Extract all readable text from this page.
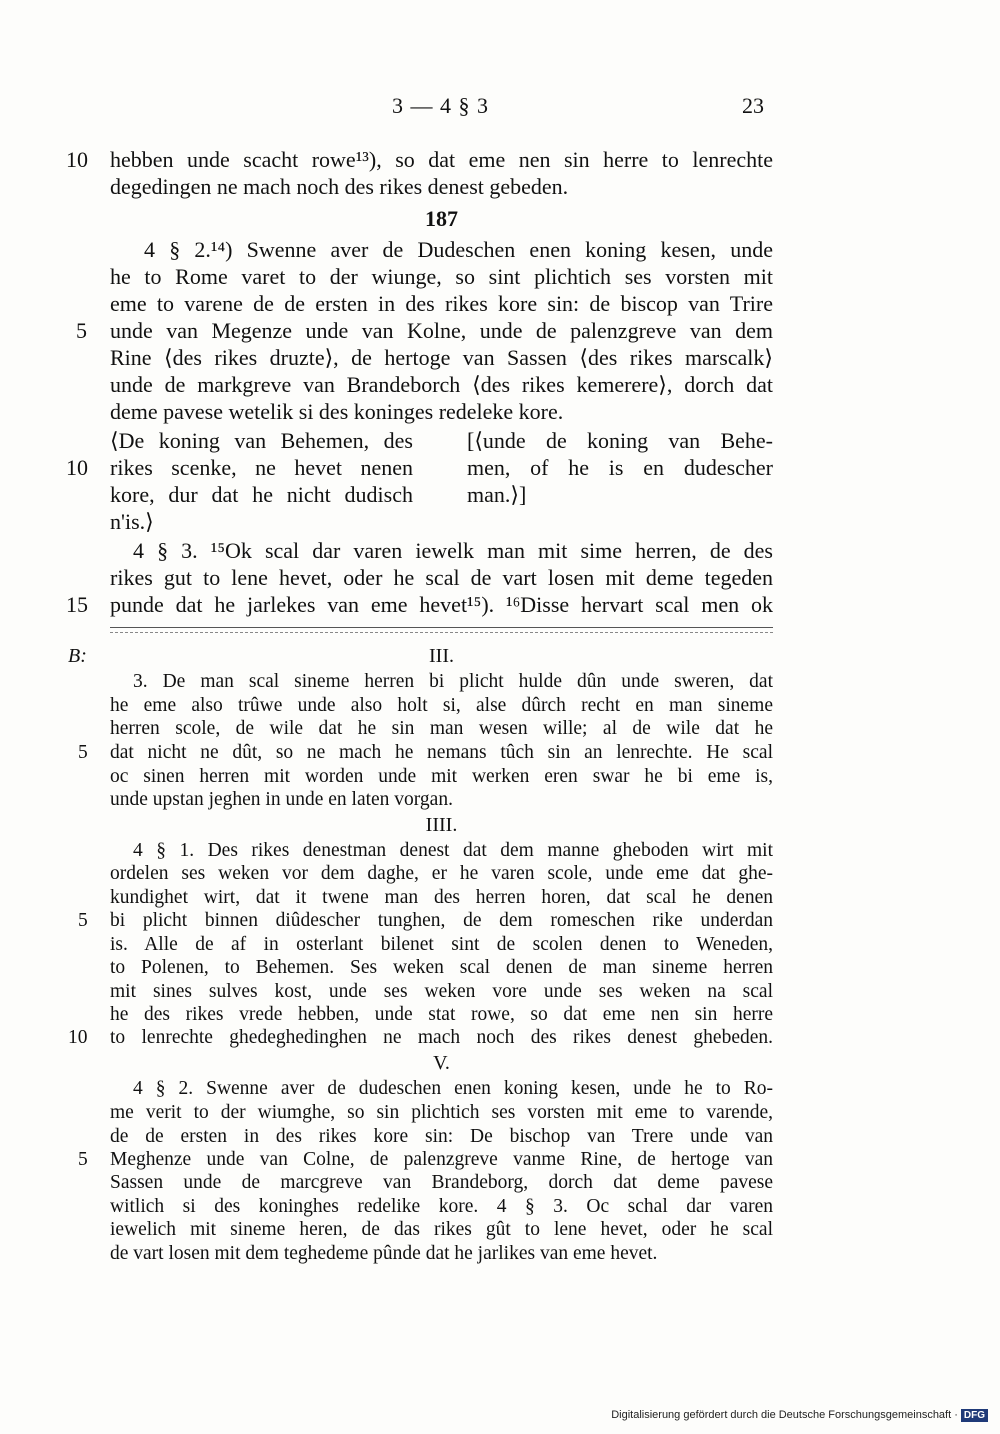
3 — 4 § 3	23
10 hebben unde scacht rowe¹³), so dat eme nen sin herre to lenrechte
degedingen ne mach noch des rikes denest gebeden.
187
4 § 2.¹⁴) Swenne aver de Dudeschen enen koning kesen, unde
he to Rome varet to der wiunge, so sint plichtich ses vorsten mit
eme to varene de de ersten in des rikes kore sin: de biscop van Trire
5 unde van Megenze unde van Kolne, unde de palenzgreve van dem
Rine ⟨des rikes druzte⟩, de hertoge van Sassen ⟨des rikes marscalk⟩
unde de markgreve van Brandeborch ⟨des rikes kemerere⟩, dorch dat
deme pavese wetelik si des koninges redeleke kore.
⟨De koning van Behemen, des
rikes scenke, ne hevet nenen
kore, dur dat he nicht dudisch
n'is.⟩
10
[⟨unde de koning van Behe-
men, of he is en dudescher
man.⟩]
4 § 3. ¹⁵Ok scal dar varen iewelk man mit sime herren, de des
rikes gut to lene hevet, oder he scal de vart losen mit deme tegeden
15 punde dat he jarlekes van eme hevet¹⁵). ¹⁶Disse hervart scal men ok
B:	III.
3. De man scal sineme herren bi plicht hulde dûn unde sweren, dat
he eme also trûwe unde also holt si, alse dûrch recht en man sineme
herren scole, de wile dat he sin man wesen wille; al de wile dat he
5 dat nicht ne dût, so ne mach he nemans tûch sin an lenrechte. He scal
oc sinen herren mit worden unde mit werken eren swar he bi eme is,
unde upstan jeghen in unde en laten vorgan.
IIII.
4 § 1. Des rikes denestman denest dat dem manne gheboden wirt mit
ordelen ses weken vor dem daghe, er he varen scole, unde eme dat ghe-
kundighet wirt, dat it twene man des herren horen, dat scal he denen
5 bi plicht binnen diûdescher tunghen, de dem romeschen rike underdan
is. Alle de af in osterlant bilenet sint de scolen denen to Weneden,
to Polenen, to Behemen. Ses weken scal denen de man sineme herren
mit sines sulves kost, unde ses weken vore unde ses weken na scal
he des rikes vrede hebben, unde stat rowe, so dat eme nen sin herre
10 to lenrechte ghedeghedinghen ne mach noch des rikes denest ghebeden.
V.
4 § 2. Swenne aver de dudeschen enen koning kesen, unde he to Ro-
me verit to der wiumghe, so sin plichtich ses vorsten mit eme to varende,
de de ersten in des rikes kore sin: De bischop van Trere unde van
5 Meghenze unde van Colne, de palenzgreve vanme Rine, de hertoge van
Sassen unde de marcgreve van Brandeborg, dorch dat deme pavese
witlich si des koninghes redelike kore. 4 § 3. Oc schal dar varen
iewelich mit sineme heren, de das rikes gût to lene hevet, oder he scal
de vart losen mit dem teghedeme pûnde dat he jarlikes van eme hevet.
Digitalisierung gefördert durch die Deutsche Forschungsgemeinschaft · DFG
